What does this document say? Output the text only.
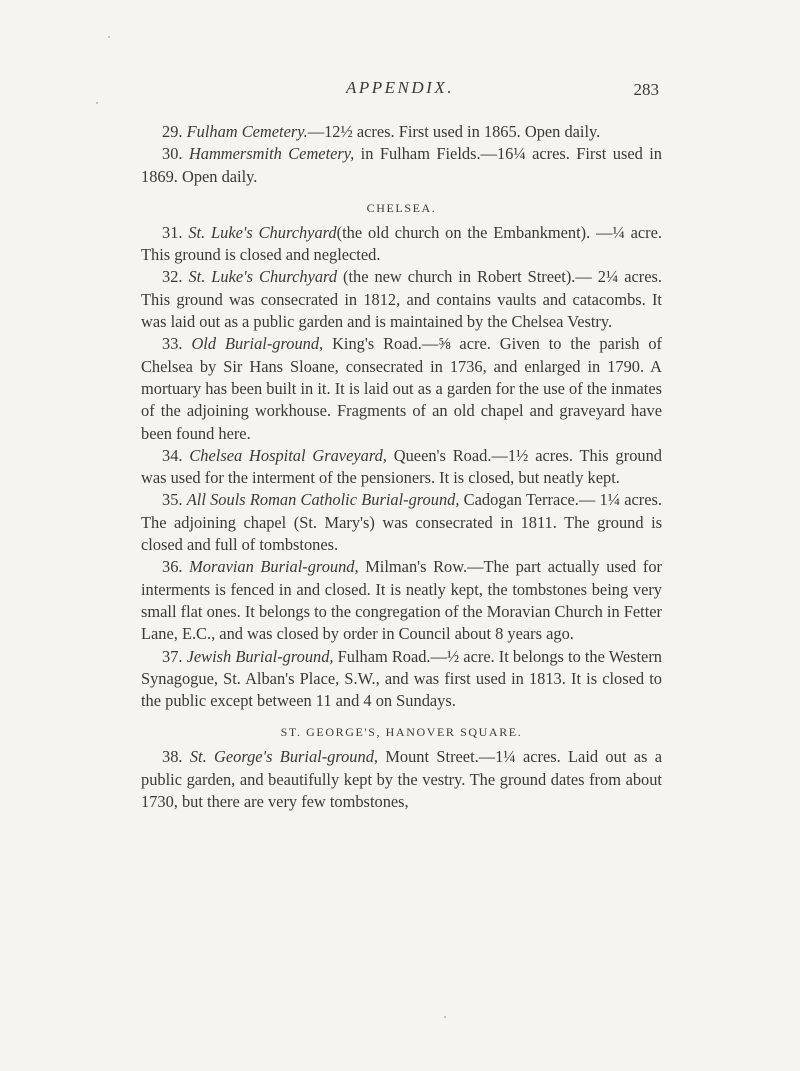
APPENDIX.	283

29. Fulham Cemetery.—12½ acres. First used in 1865. Open daily.

30. Hammersmith Cemetery, in Fulham Fields.—16¼ acres. First used in 1869. Open daily.

CHELSEA.

31. St. Luke's Churchyard(the old church on the Embankment). —¼ acre. This ground is closed and neglected.

32. St. Luke's Churchyard (the new church in Robert Street).— 2¼ acres. This ground was consecrated in 1812, and contains vaults and catacombs. It was laid out as a public garden and is maintained by the Chelsea Vestry.

33. Old Burial-ground, King's Road.—⅝ acre. Given to the parish of Chelsea by Sir Hans Sloane, consecrated in 1736, and enlarged in 1790. A mortuary has been built in it. It is laid out as a garden for the use of the inmates of the adjoining workhouse. Fragments of an old chapel and graveyard have been found here.

34. Chelsea Hospital Graveyard, Queen's Road.—1½ acres. This ground was used for the interment of the pensioners. It is closed, but neatly kept.

35. All Souls Roman Catholic Burial-ground, Cadogan Terrace.— 1¼ acres. The adjoining chapel (St. Mary's) was consecrated in 1811. The ground is closed and full of tombstones.

36. Moravian Burial-ground, Milman's Row.—The part actually used for interments is fenced in and closed. It is neatly kept, the tombstones being very small flat ones. It belongs to the congregation of the Moravian Church in Fetter Lane, E.C., and was closed by order in Council about 8 years ago.

37. Jewish Burial-ground, Fulham Road.—½ acre. It belongs to the Western Synagogue, St. Alban's Place, S.W., and was first used in 1813. It is closed to the public except between 11 and 4 on Sundays.

ST. GEORGE'S, HANOVER SQUARE.

38. St. George's Burial-ground, Mount Street.—1¼ acres. Laid out as a public garden, and beautifully kept by the vestry. The ground dates from about 1730, but there are very few tombstones,
